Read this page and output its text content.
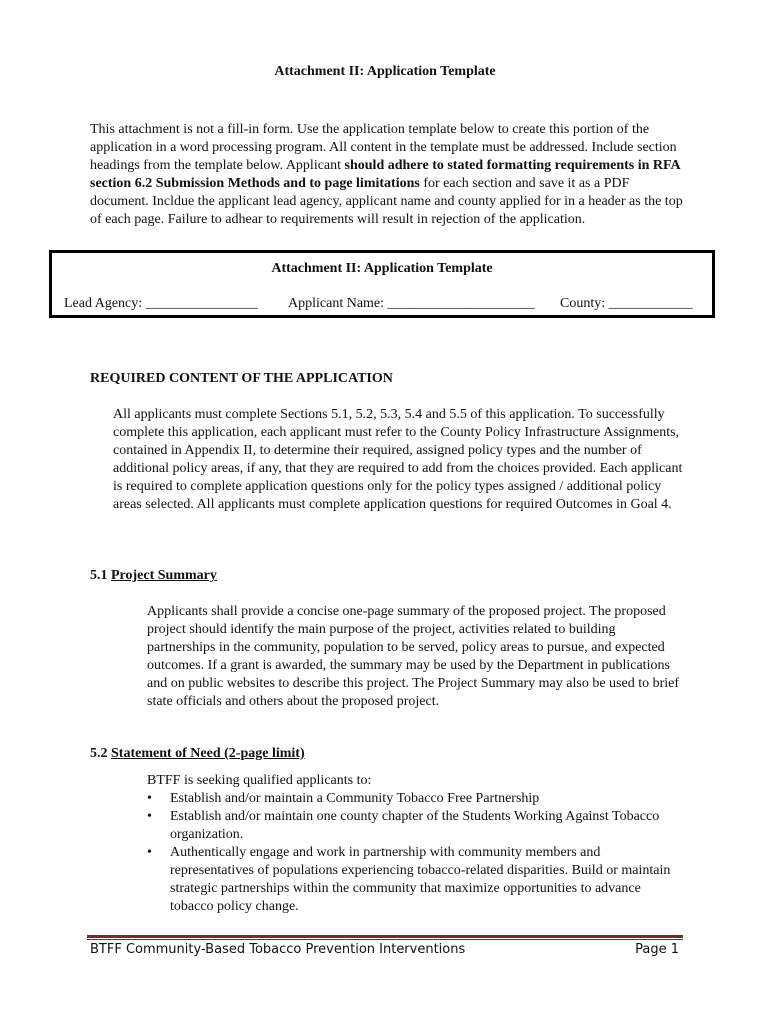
Attachment II: Application Template
This attachment is not a fill-in form. Use the application template below to create this portion of the application in a word processing program. All content in the template must be addressed. Include section headings from the template below. Applicant should adhere to stated formatting requirements in RFA section 6.2 Submission Methods and to page limitations for each section and save it as a PDF document. Incldue the applicant lead agency, applicant name and county applied for in a header as the top of each page. Failure to adhear to requirements will result in rejection of the application.
Attachment II: Application Template
Lead Agency: ________________ Applicant Name: _____________________ County: ____________
REQUIRED CONTENT OF THE APPLICATION
All applicants must complete Sections 5.1, 5.2, 5.3, 5.4 and 5.5 of this application. To successfully complete this application, each applicant must refer to the County Policy Infrastructure Assignments, contained in Appendix II, to determine their required, assigned policy types and the number of additional policy areas, if any, that they are required to add from the choices provided. Each applicant is required to complete application questions only for the policy types assigned / additional policy areas selected. All applicants must complete application questions for required Outcomes in Goal 4.
5.1 Project Summary
Applicants shall provide a concise one-page summary of the proposed project. The proposed project should identify the main purpose of the project, activities related to building partnerships in the community, population to be served, policy areas to pursue, and expected outcomes. If a grant is awarded, the summary may be used by the Department in publications and on public websites to describe this project. The Project Summary may also be used to brief state officials and others about the proposed project.
5.2 Statement of Need (2-page limit)
BTFF is seeking qualified applicants to:
• Establish and/or maintain a Community Tobacco Free Partnership
• Establish and/or maintain one county chapter of the Students Working Against Tobacco organization.
• Authentically engage and work in partnership with community members and representatives of populations experiencing tobacco-related disparities. Build or maintain strategic partnerships within the community that maximize opportunities to advance tobacco policy change.
BTFF Community-Based Tobacco Prevention Interventions	Page 1
